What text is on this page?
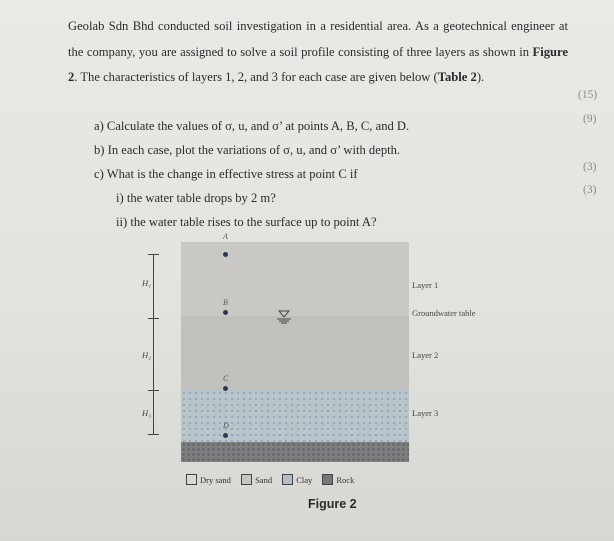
Geolab Sdn Bhd conducted soil investigation in a residential area. As a geotechnical engineer at the company, you are assigned to solve a soil profile consisting of three layers as shown in Figure 2. The characteristics of layers 1, 2, and 3 for each case are given below (Table 2).
(15)
(9)
(3)
(3)
a) Calculate the values of σ, u, and σ’ at points A, B, C, and D.
b) In each case, plot the variations of σ, u, and σ’ with depth.
c) What is the change in effective stress at point C if
i) the water table drops by 2 m?
ii) the water table rises to the surface up to point A?
H₁
H₂
H₃
A
B
C
D
Layer 1
Groundwater table
Layer 2
Layer 3
Dry sand	Sand	Clay	Rock
Figure 2
